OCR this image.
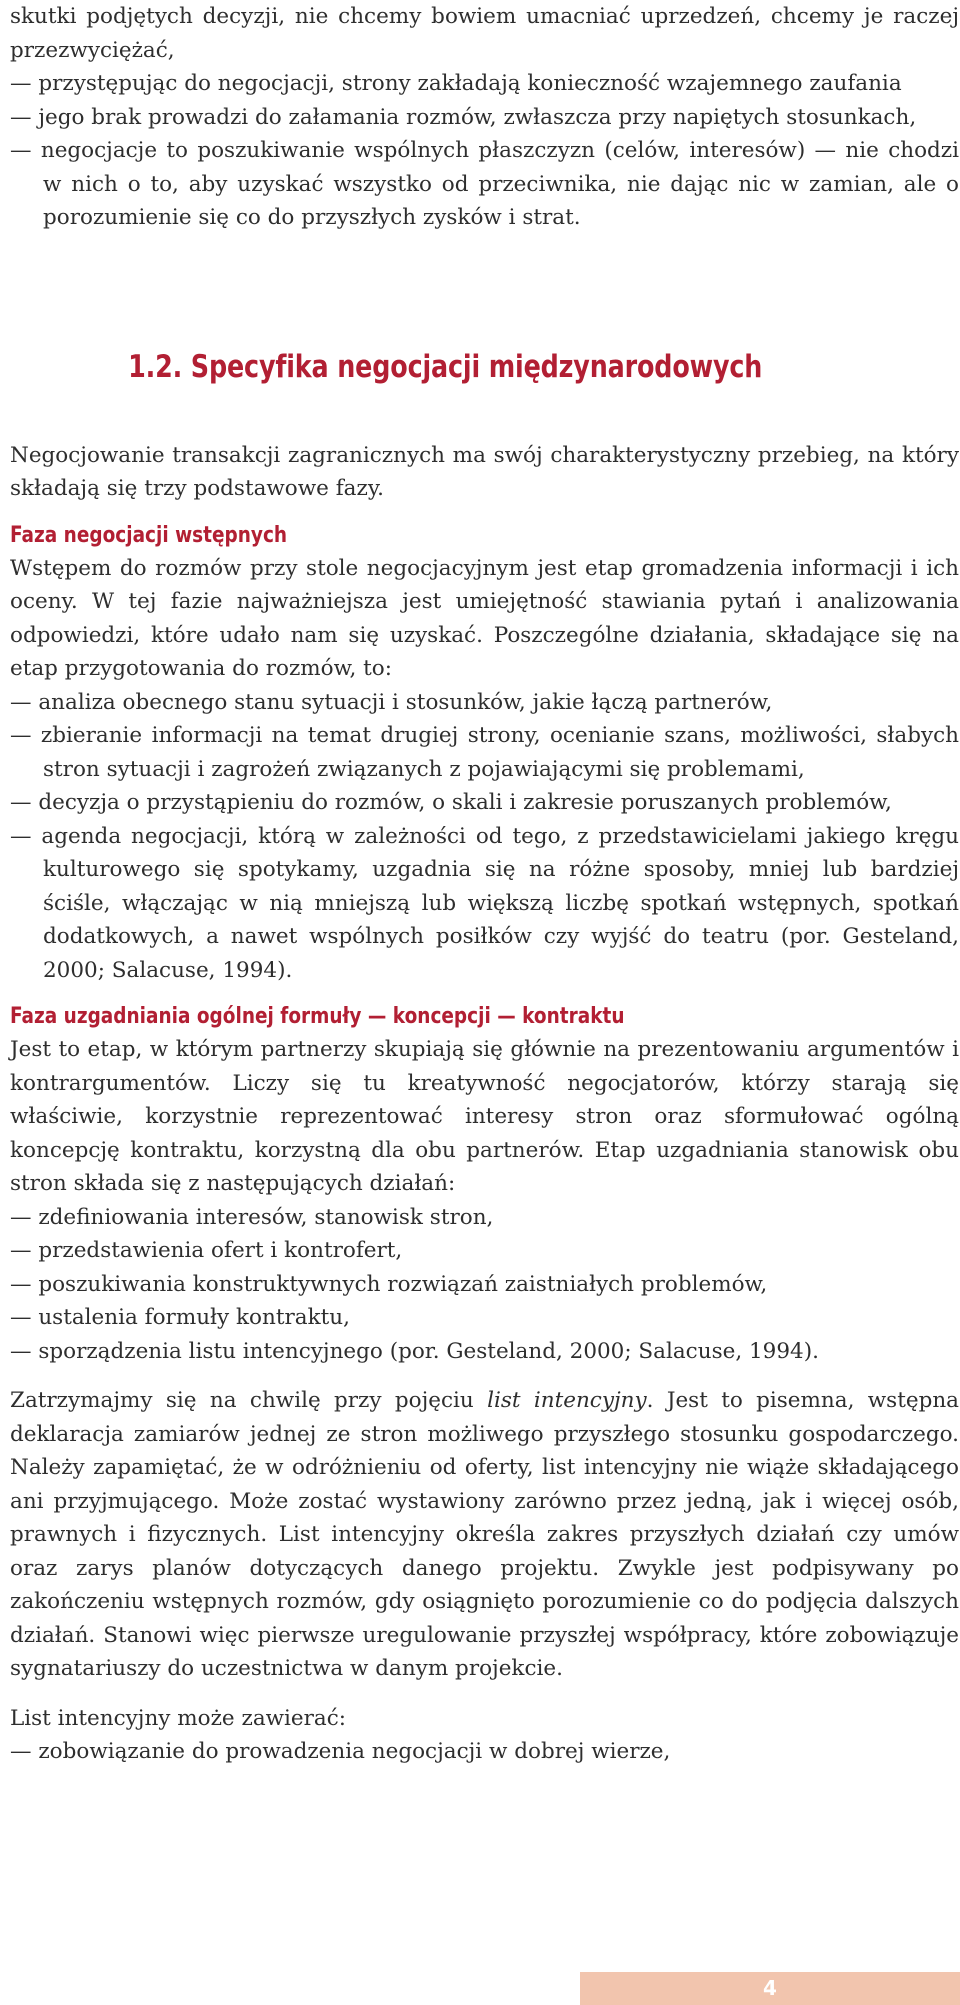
skutki podjętych decyzji, nie chcemy bowiem umacniać uprzedzeń, chcemy je raczej przezwyciężać,

— przystępując do negocjacji, strony zakładają konieczność wzajemnego zaufania

— jego brak prowadzi do załamania rozmów, zwłaszcza przy napiętych stosunkach,

— negocjacje to poszukiwanie wspólnych płaszczyzn (celów, interesów) — nie chodzi w nich o to, aby uzyskać wszystko od przeciwnika, nie dając nic w zamian, ale o porozumienie się co do przyszłych zysków i strat.

1.2. Specyfika negocjacji międzynarodowych

Negocjowanie transakcji zagranicznych ma swój charakterystyczny przebieg, na który składają się trzy podstawowe fazy.

Faza negocjacji wstępnych

Wstępem do rozmów przy stole negocjacyjnym jest etap gromadzenia informacji i ich oceny. W tej fazie najważniejsza jest umiejętność stawiania pytań i analizowania odpowiedzi, które udało nam się uzyskać. Poszczególne działania, składające się na etap przygotowania do rozmów, to:

— analiza obecnego stanu sytuacji i stosunków, jakie łączą partnerów,

— zbieranie informacji na temat drugiej strony, ocenianie szans, możliwości, słabych stron sytuacji i zagrożeń związanych z pojawiającymi się problemami,

— decyzja o przystąpieniu do rozmów, o skali i zakresie poruszanych problemów,

— agenda negocjacji, którą w zależności od tego, z przedstawicielami jakiego kręgu kulturowego się spotykamy, uzgadnia się na różne sposoby, mniej lub bardziej ściśle, włączając w nią mniejszą lub większą liczbę spotkań wstępnych, spotkań dodatkowych, a nawet wspólnych posiłków czy wyjść do teatru (por. Gesteland, 2000; Salacuse, 1994).

Faza uzgadniania ogólnej formuły — koncepcji — kontraktu

Jest to etap, w którym partnerzy skupiają się głównie na prezentowaniu argumentów i kontrargumentów. Liczy się tu kreatywność negocjatorów, którzy starają się właściwie, korzystnie reprezentować interesy stron oraz sformułować ogólną koncepcję kontraktu, korzystną dla obu partnerów. Etap uzgadniania stanowisk obu stron składa się z następujących działań:

— zdefiniowania interesów, stanowisk stron,

— przedstawienia ofert i kontrofert,

— poszukiwania konstruktywnych rozwiązań zaistniałych problemów,

— ustalenia formuły kontraktu,

— sporządzenia listu intencyjnego (por. Gesteland, 2000; Salacuse, 1994).

Zatrzymajmy się na chwilę przy pojęciu list intencyjny. Jest to pisemna, wstępna deklaracja zamiarów jednej ze stron możliwego przyszłego stosunku gospodarczego. Należy zapamiętać, że w odróżnieniu od oferty, list intencyjny nie wiąże składającego ani przyjmującego. Może zostać wystawiony zarówno przez jedną, jak i więcej osób, prawnych i fizycznych. List intencyjny określa zakres przyszłych działań czy umów oraz zarys planów dotyczących danego projektu. Zwykle jest podpisywany po zakończeniu wstępnych rozmów, gdy osiągnięto porozumienie co do podjęcia dalszych działań. Stanowi więc pierwsze uregulowanie przyszłej współpracy, które zobowiązuje sygnatariuszy do uczestnictwa w danym projekcie.

List intencyjny może zawierać:

— zobowiązanie do prowadzenia negocjacji w dobrej wierze,

4
